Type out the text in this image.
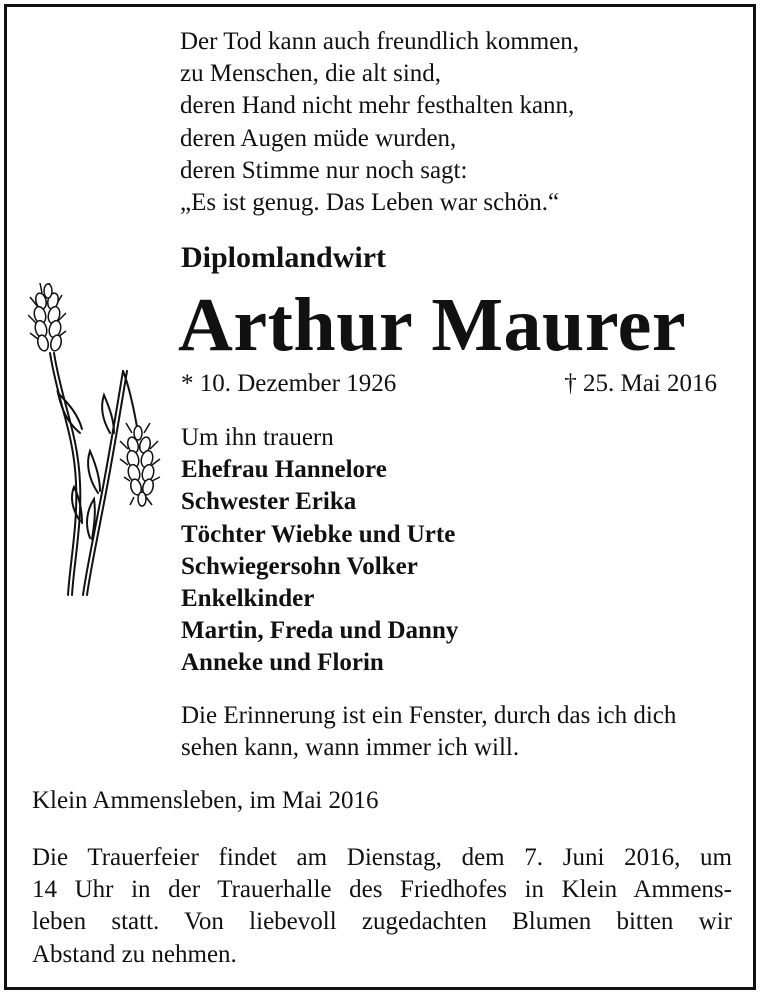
Der Tod kann auch freundlich kommen,
zu Menschen, die alt sind,
deren Hand nicht mehr festhalten kann,
deren Augen müde wurden,
deren Stimme nur noch sagt:
„Es ist genug. Das Leben war schön.“
Diplomlandwirt
Arthur Maurer
* 10. Dezember 1926	† 25. Mai 2016
Um ihn trauern
Ehefrau Hannelore
Schwester Erika
Töchter Wiebke und Urte
Schwiegersohn Volker
Enkelkinder
Martin, Freda und Danny
Anneke und Florin
Die Erinnerung ist ein Fenster, durch das ich dich
sehen kann, wann immer ich will.
Klein Ammensleben, im Mai 2016
Die Trauerfeier findet am Dienstag, dem 7. Juni 2016, um
14 Uhr in der Trauerhalle des Friedhofes in Klein Ammens-
leben statt. Von liebevoll zugedachten Blumen bitten wir
Abstand zu nehmen.
